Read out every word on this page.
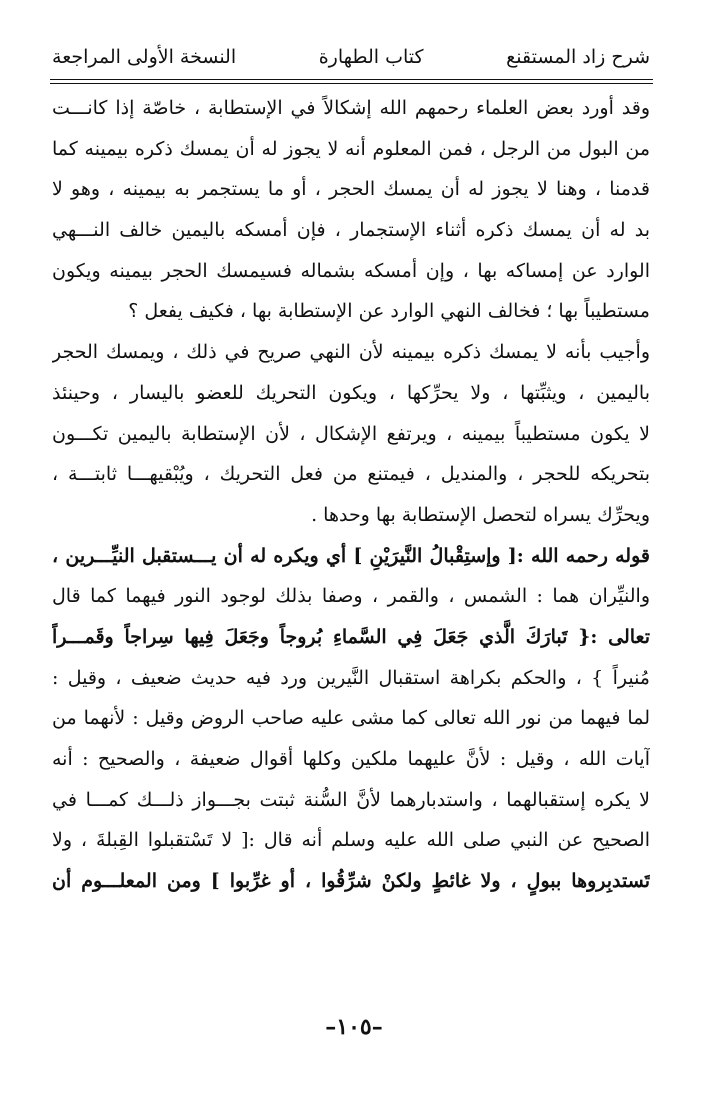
شرح زاد المستقنع
كتاب الطهارة
النسخة الأولى المراجعة
وقد أورد بعض العلماء رحمهم الله إشكالاً في الإستطابة ، خاصّة إذا كانـــت
من البول من الرجل ، فمن المعلوم أنه لا يجوز له أن يمسك ذكره بيمينه كما
قدمنا ، وهنا لا يجوز له أن يمسك الحجر ، أو ما يستجمر به بيمينه ، وهو لا
بد له أن يمسك ذكره أثناء الإستجمار ، فإن أمسكه باليمين خالف النـــهي
الوارد عن إمساكه بها ، وإن أمسكه بشماله فسيمسك الحجر بيمينه ويكون
مستطيباً بها ؛ فخالف النهي الوارد عن الإستطابة بها ، فكيف يفعل ؟
وأجيب بأنه لا يمسك ذكره بيمينه لأن النهي صريح في ذلك ، ويمسك الحجر
باليمين ، ويثبِّتها ، ولا يحرِّكها ، ويكون التحريك للعضو باليسار ، وحينئذ
لا يكون مستطيباً بيمينه ، ويرتفع الإشكال ، لأن الإستطابة باليمين تكـــون
بتحريكه للحجر ، والمنديل ، فيمتنع من فعل التحريك ، ويُبْقيهـــا ثابتـــة ،
ويحرِّك يسراه لتحصل الإستطابة بها وحدها .
قوله رحمه الله :[ وإستِقْبالُ النَّيرَيْنِ ] أي ويكره له أن يـــستقبل النيِّـــرين ،
والنيِّران هما : الشمس ، والقمر ، وصفا بذلك لوجود النور فيهما كما قال
تعالى :{ تَبارَكَ الَّذي جَعَلَ فِي السَّماءِ بُروجاً وجَعَلَ فِيها سِراجاً وقَمـــراً
مُنيراً } ، والحكم بكراهة استقبال النَّيرين ورد فيه حديث ضعيف ، وقيل :
لما فيهما من نور الله تعالى كما مشى عليه صاحب الروض وقيل : لأنهما من
آيات الله ، وقيل : لأنَّ عليهما ملكين وكلها أقوال ضعيفة ، والصحيح : أنه
لا يكره إستقبالهما ، واستدبارهما لأنَّ السُّنة ثبتت بجـــواز ذلـــك كمـــا في
الصحيح عن النبي صلى الله عليه وسلم أنه قال :[ لا تَسْتقبلوا القِبلةَ ، ولا
تَستدبِروها ببولٍ ، ولا غائطٍ ولكنْ شرِّقُوا ، أو غرِّبوا ] ومن المعلـــوم أن
–١٠٥–
